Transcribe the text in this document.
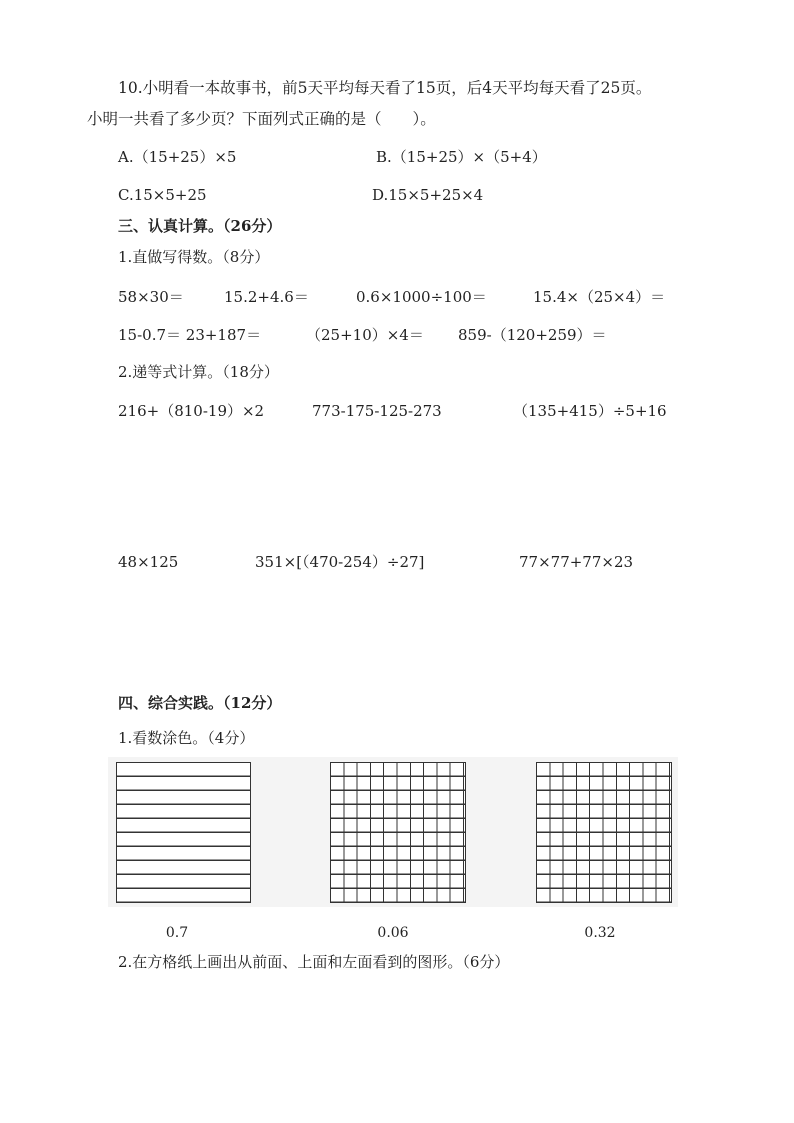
10.小明看一本故事书，前5天平均每天看了15页，后4天平均每天看了25页。
小明一共看了多少页？下面列式正确的是（　　）。
A.（15+25）×5	B.（15+25）×（5+4）
C.15×5+25	D.15×5+25×4
三、认真计算。（26分）
1.直做写得数。（8分）
58×30＝	15.2+4.6＝	0.6×1000÷100＝	15.4×（25×4）＝
15-0.7＝ 23+187＝	（25+10）×4＝ 859-（120+259）＝
2.递等式计算。（18分）
216+（810-19）×2	773-175-125-273	（135+415）÷5+16
48×125	351×[（470-254）÷27]	77×77+77×23
四、综合实践。（12分）
1.看数涂色。（4分）
0.7	0.06	0.32
2.在方格纸上画出从前面、上面和左面看到的图形。（6分）
